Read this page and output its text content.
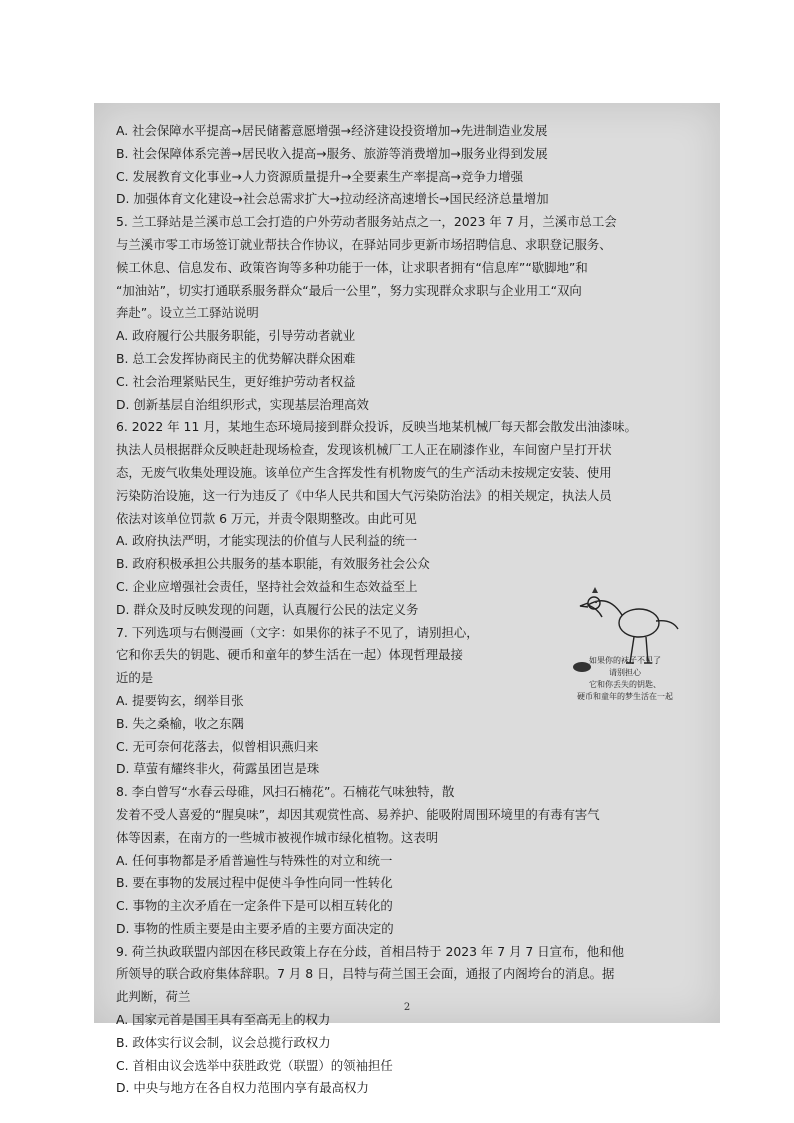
A. 社会保障水平提高→居民储蓄意愿增强→经济建设投资增加→先进制造业发展
B. 社会保障体系完善→居民收入提高→服务、旅游等消费增加→服务业得到发展
C. 发展教育文化事业→人力资源质量提升→全要素生产率提高→竞争力增强
D. 加强体育文化建设→社会总需求扩大→拉动经济高速增长→国民经济总量增加
5. 兰工驿站是兰溪市总工会打造的户外劳动者服务站点之一，2023 年 7 月，兰溪市总工会
与兰溪市零工市场签订就业帮扶合作协议，在驿站同步更新市场招聘信息、求职登记服务、
候工休息、信息发布、政策咨询等多种功能于一体，让求职者拥有“信息库”“歇脚地”和
“加油站”，切实打通联系服务群众“最后一公里”，努力实现群众求职与企业用工“双向
奔赴”。设立兰工驿站说明
A. 政府履行公共服务职能，引导劳动者就业
B. 总工会发挥协商民主的优势解决群众困难
C. 社会治理紧贴民生，更好维护劳动者权益
D. 创新基层自治组织形式，实现基层治理高效
6. 2022 年 11 月，某地生态环境局接到群众投诉，反映当地某机械厂每天都会散发出油漆味。
执法人员根据群众反映赶赴现场检查，发现该机械厂工人正在刷漆作业，车间窗户呈打开状
态，无废气收集处理设施。该单位产生含挥发性有机物废气的生产活动未按规定安装、使用
污染防治设施，这一行为违反了《中华人民共和国大气污染防治法》的相关规定，执法人员
依法对该单位罚款 6 万元，并责令限期整改。由此可见
A. 政府执法严明，才能实现法的价值与人民利益的统一
B. 政府积极承担公共服务的基本职能，有效服务社会公众
C. 企业应增强社会责任，坚持社会效益和生态效益至上
D. 群众及时反映发现的问题，认真履行公民的法定义务
7. 下列选项与右侧漫画（文字：如果你的袜子不见了，请别担心，
它和你丢失的钥匙、硬币和童年的梦生活在一起）体现哲理最接
近的是
A. 提要钩玄，纲举目张
B. 失之桑榆，收之东隅
C. 无可奈何花落去，似曾相识燕归来
D. 草萤有耀终非火，荷露虽团岂是珠
8. 李白曾写“水春云母碓，风扫石楠花”。石楠花气味独特，散
发着不受人喜爱的“腥臭味”，却因其观赏性高、易养护、能吸附周围环境里的有毒有害气
体等因素，在南方的一些城市被视作城市绿化植物。这表明
A. 任何事物都是矛盾普遍性与特殊性的对立和统一
B. 要在事物的发展过程中促使斗争性向同一性转化
C. 事物的主次矛盾在一定条件下是可以相互转化的
D. 事物的性质主要是由主要矛盾的主要方面决定的
9. 荷兰执政联盟内部因在移民政策上存在分歧，首相吕特于 2023 年 7 月 7 日宣布，他和他
所领导的联合政府集体辞职。7 月 8 日，吕特与荷兰国王会面，通报了内阁垮台的消息。据
此判断，荷兰
A. 国家元首是国王具有至高无上的权力
B. 政体实行议会制，议会总揽行政权力
C. 首相由议会选举中获胜政党（联盟）的领袖担任
D. 中央与地方在各自权力范围内享有最高权力
如果你的袜子不见了
请别担心
它和你丢失的钥匙、
硬币和童年的梦生活在一起
2
